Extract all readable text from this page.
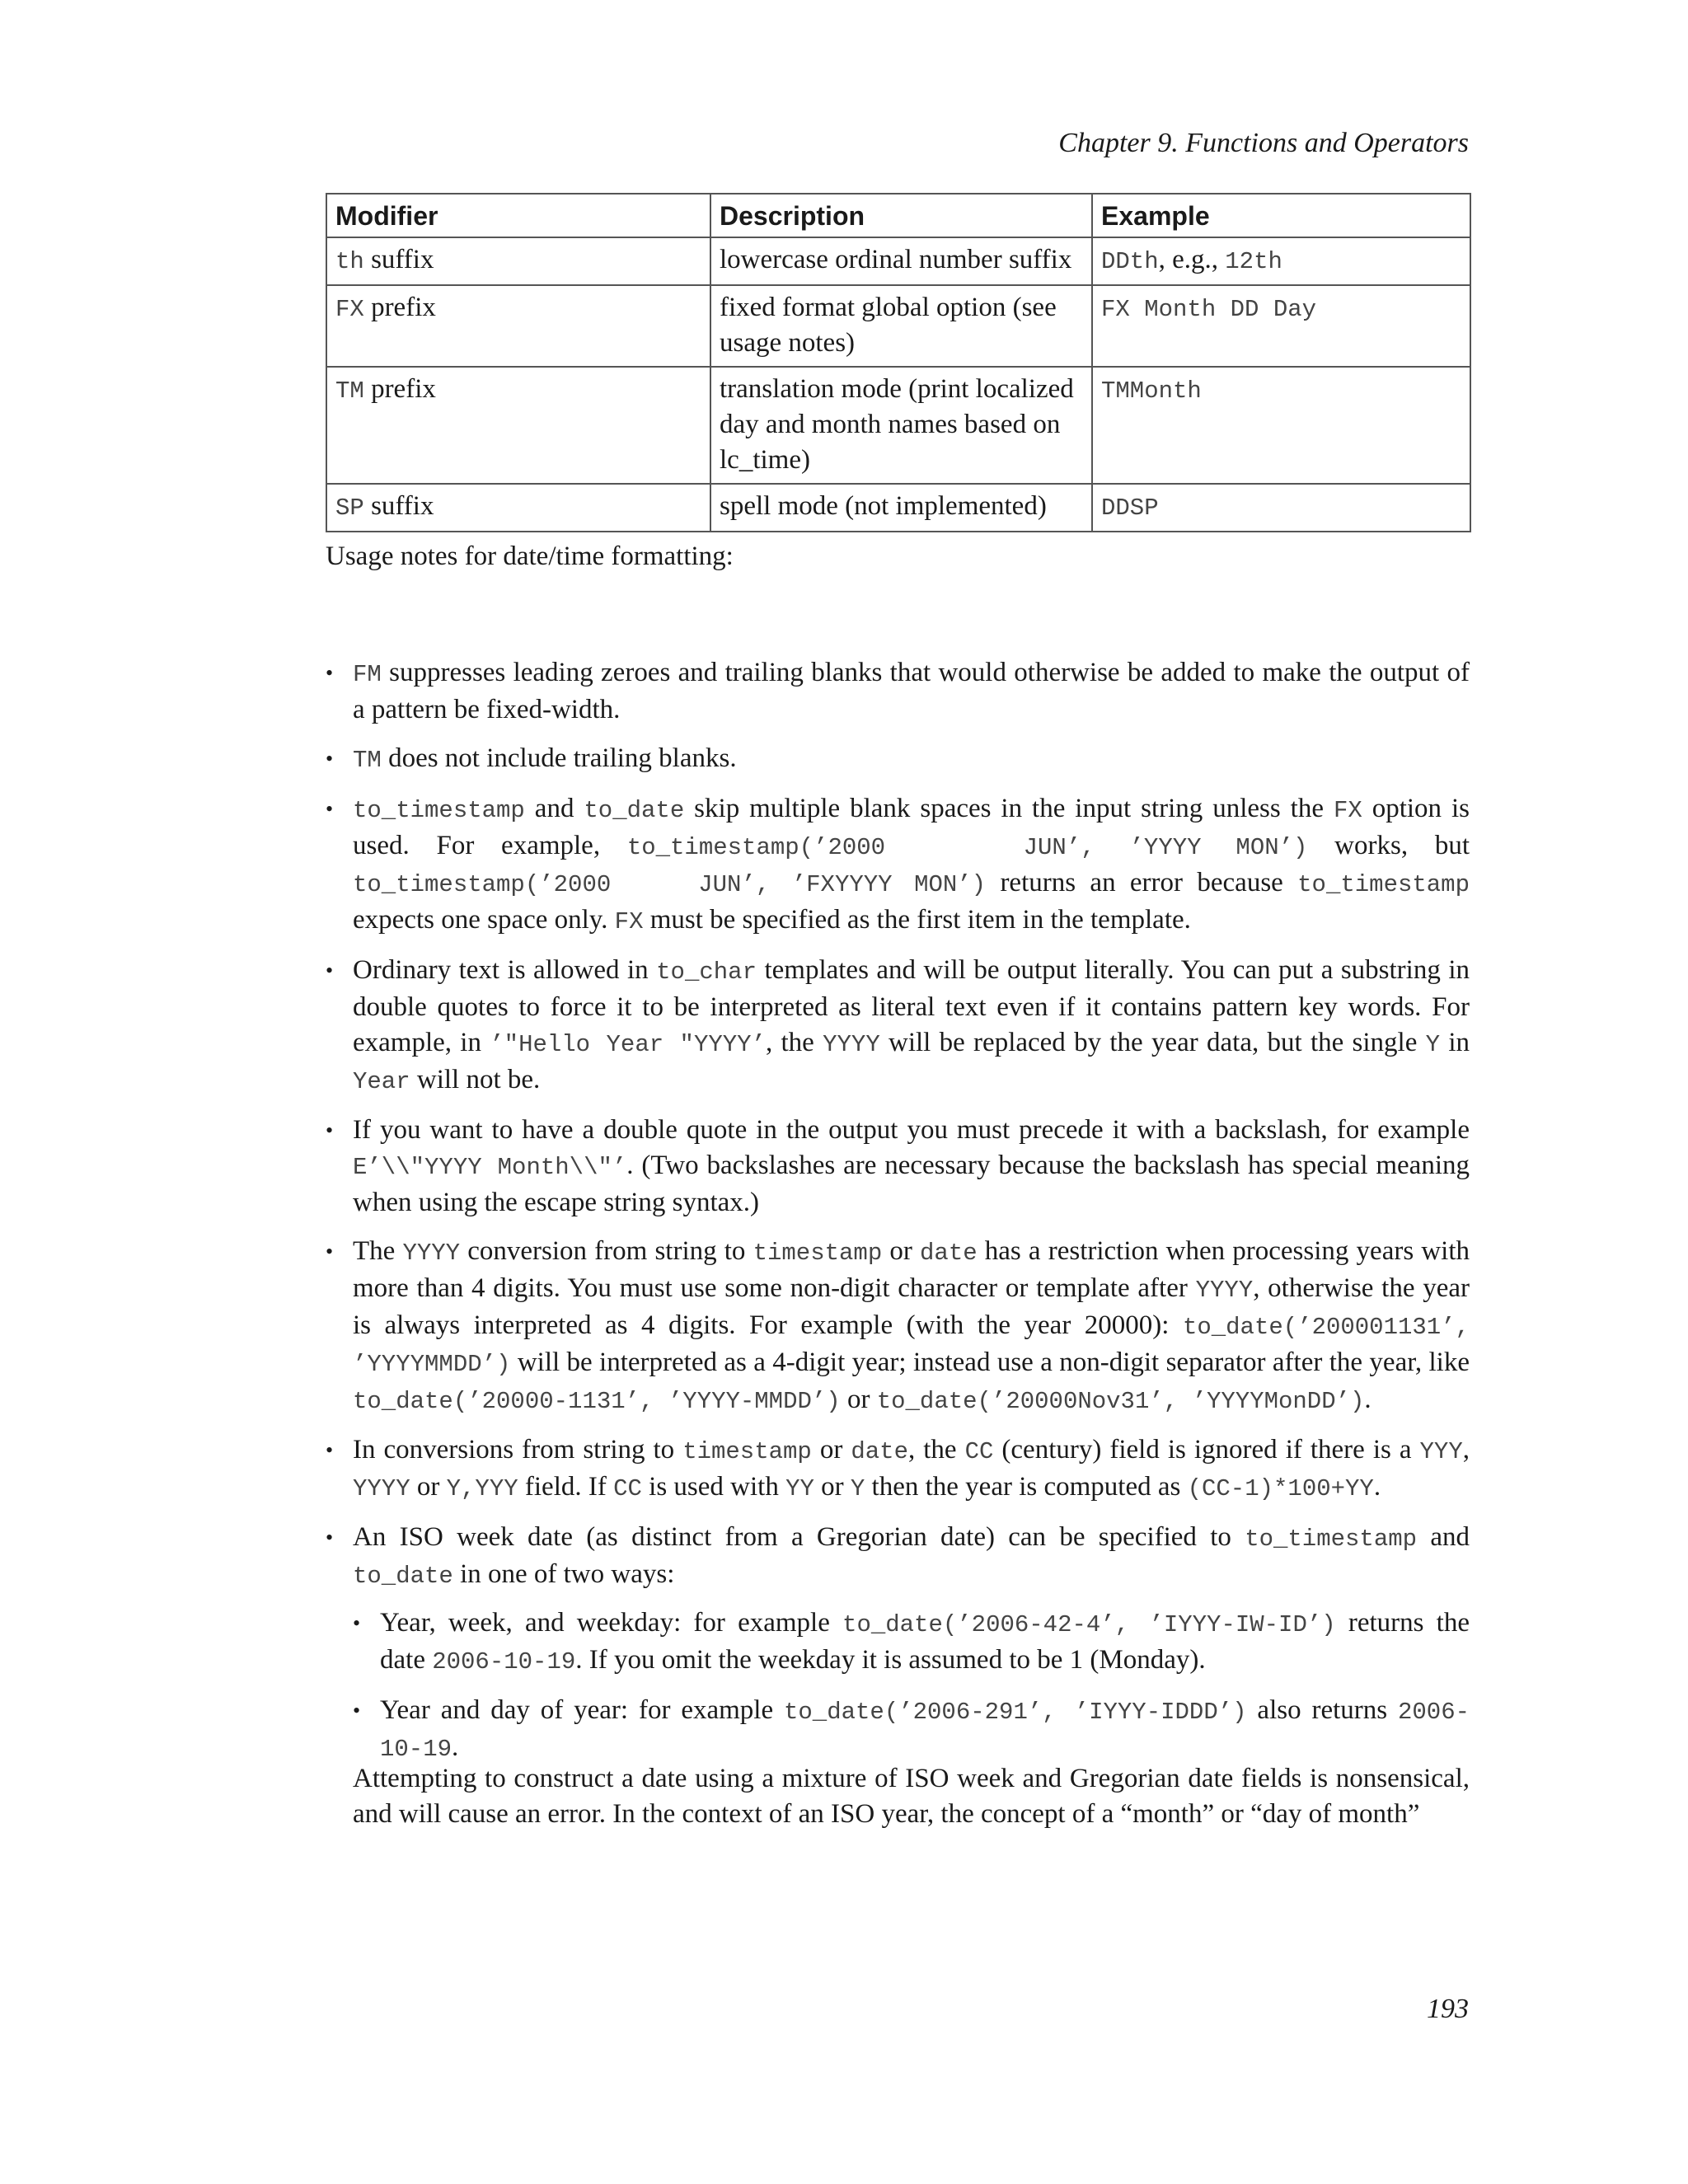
Chapter 9. Functions and Operators
Modifier	Description	Example
th suffix	lowercase ordinal number suffix	DDth, e.g., 12th
FX prefix	fixed format global option (see usage notes)	FX Month DD Day
TM prefix	translation mode (print localized day and month names based on lc_time)	TMMonth
SP suffix	spell mode (not implemented)	DDSP
Usage notes for date/time formatting:
• FM suppresses leading zeroes and trailing blanks that would otherwise be added to make the output of a pattern be fixed-width.
• TM does not include trailing blanks.
• to_timestamp and to_date skip multiple blank spaces in the input string unless the FX option is used. For example, to_timestamp(’2000    JUN’, ’YYYY MON’) works, but to_timestamp(’2000    JUN’, ’FXYYYY MON’) returns an error because to_timestamp expects one space only. FX must be specified as the first item in the template.
• Ordinary text is allowed in to_char templates and will be output literally. You can put a substring in double quotes to force it to be interpreted as literal text even if it contains pattern key words. For example, in ’"Hello Year "YYYY’, the YYYY will be replaced by the year data, but the single Y in Year will not be.
• If you want to have a double quote in the output you must precede it with a backslash, for example E’\\"YYYY Month\\"’. (Two backslashes are necessary because the backslash has special meaning when using the escape string syntax.)
• The YYYY conversion from string to timestamp or date has a restriction when processing years with more than 4 digits. You must use some non-digit character or template after YYYY, otherwise the year is always interpreted as 4 digits. For example (with the year 20000): to_date(’200001131’, ’YYYYMMDD’) will be interpreted as a 4-digit year; instead use a non-digit separator after the year, like to_date(’20000-1131’, ’YYYY-MMDD’) or to_date(’20000Nov31’, ’YYYYMonDD’).
• In conversions from string to timestamp or date, the CC (century) field is ignored if there is a YYY, YYYY or Y,YYY field. If CC is used with YY or Y then the year is computed as (CC-1)*100+YY.
• An ISO week date (as distinct from a Gregorian date) can be specified to to_timestamp and to_date in one of two ways:
• Year, week, and weekday: for example to_date(’2006-42-4’, ’IYYY-IW-ID’) returns the date 2006-10-19. If you omit the weekday it is assumed to be 1 (Monday).
• Year and day of year: for example to_date(’2006-291’, ’IYYY-IDDD’) also returns 2006-10-19.
Attempting to construct a date using a mixture of ISO week and Gregorian date fields is nonsensical, and will cause an error. In the context of an ISO year, the concept of a “month” or “day of month”
193
